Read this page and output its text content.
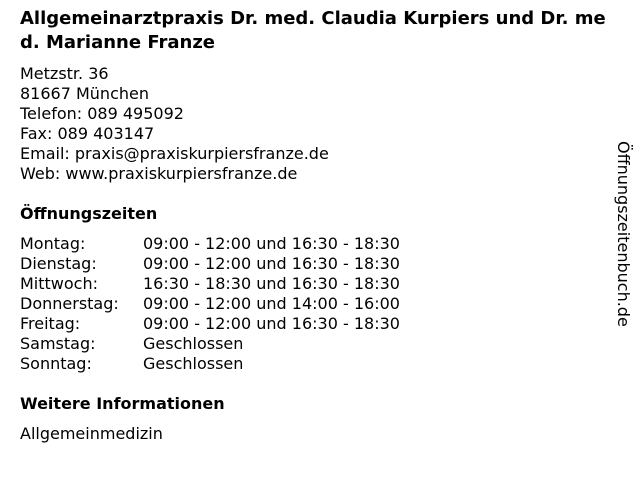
Allgemeinarztpraxis Dr. med. Claudia Kurpiers und Dr. med. Marianne Franze
Metzstr. 36
81667 München
Telefon: 089 495092
Fax: 089 403147
Email: praxis@praxiskurpiersfranze.de
Web: www.praxiskurpiersfranze.de
Öffnungszeiten
Montag:	09:00 - 12:00 und 16:30 - 18:30
Dienstag:	09:00 - 12:00 und 16:30 - 18:30
Mittwoch:	16:30 - 18:30 und 16:30 - 18:30
Donnerstag:	09:00 - 12:00 und 14:00 - 16:00
Freitag:	09:00 - 12:00 und 16:30 - 18:30
Samstag:	Geschlossen
Sonntag:	Geschlossen
Weitere Informationen
Allgemeinmedizin
Öffnungszeitenbuch.de
